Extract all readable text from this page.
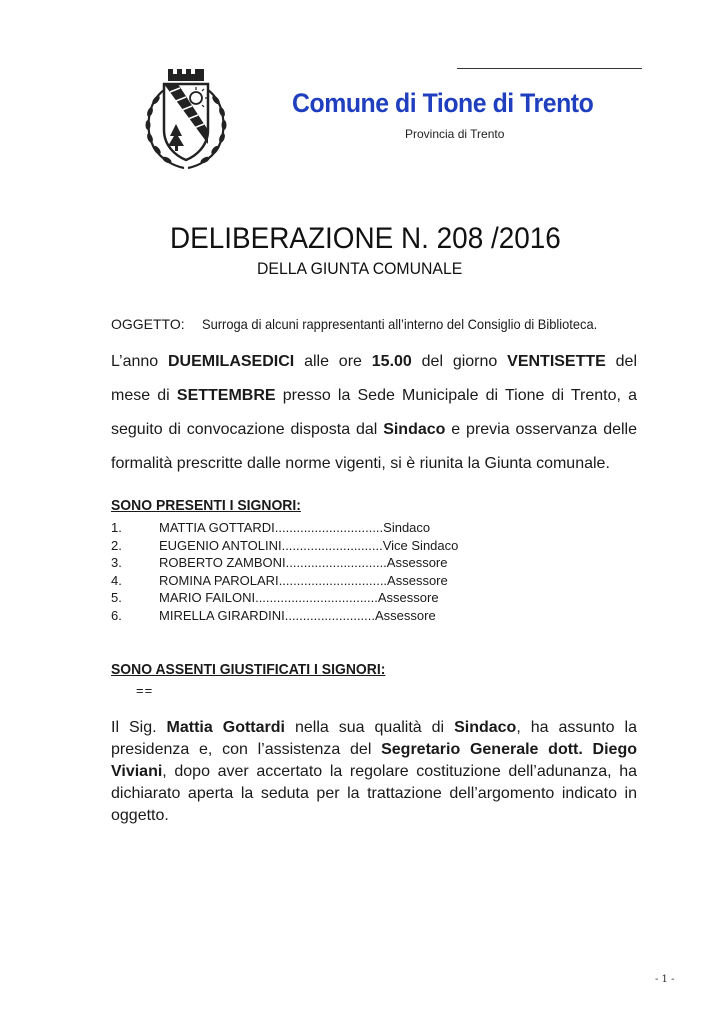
Comune di Tione di Trento
Provincia di Trento
DELIBERAZIONE N. 208 /2016
DELLA GIUNTA COMUNALE
OGGETTO: Surroga di alcuni rappresentanti all’interno del Consiglio di Biblioteca.
L’anno DUEMILASEDICI alle ore 15.00 del giorno VENTISETTE del mese di SETTEMBRE presso la Sede Municipale di Tione di Trento, a seguito di convocazione disposta dal Sindaco e previa osservanza delle formalità prescritte dalle norme vigenti, si è riunita la Giunta comunale.
SONO PRESENTI I SIGNORI:
1.	MATTIA GOTTARDI .............................. Sindaco
2.	EUGENIO ANTOLINI ............................ Vice Sindaco
3.	ROBERTO ZAMBONI ............................ Assessore
4.	ROMINA PAROLARI .............................. Assessore
5.	MARIO FAILONI .................................. Assessore
6.	MIRELLA GIRARDINI ......................... Assessore
SONO ASSENTI GIUSTIFICATI I SIGNORI:
==
Il Sig. Mattia Gottardi nella sua qualità di Sindaco, ha assunto la presidenza e, con l’assistenza del Segretario Generale dott. Diego Viviani, dopo aver accertato la regolare costituzione dell’adunanza, ha dichiarato aperta la seduta per la trattazione dell’argomento indicato in oggetto.
- 1 -
